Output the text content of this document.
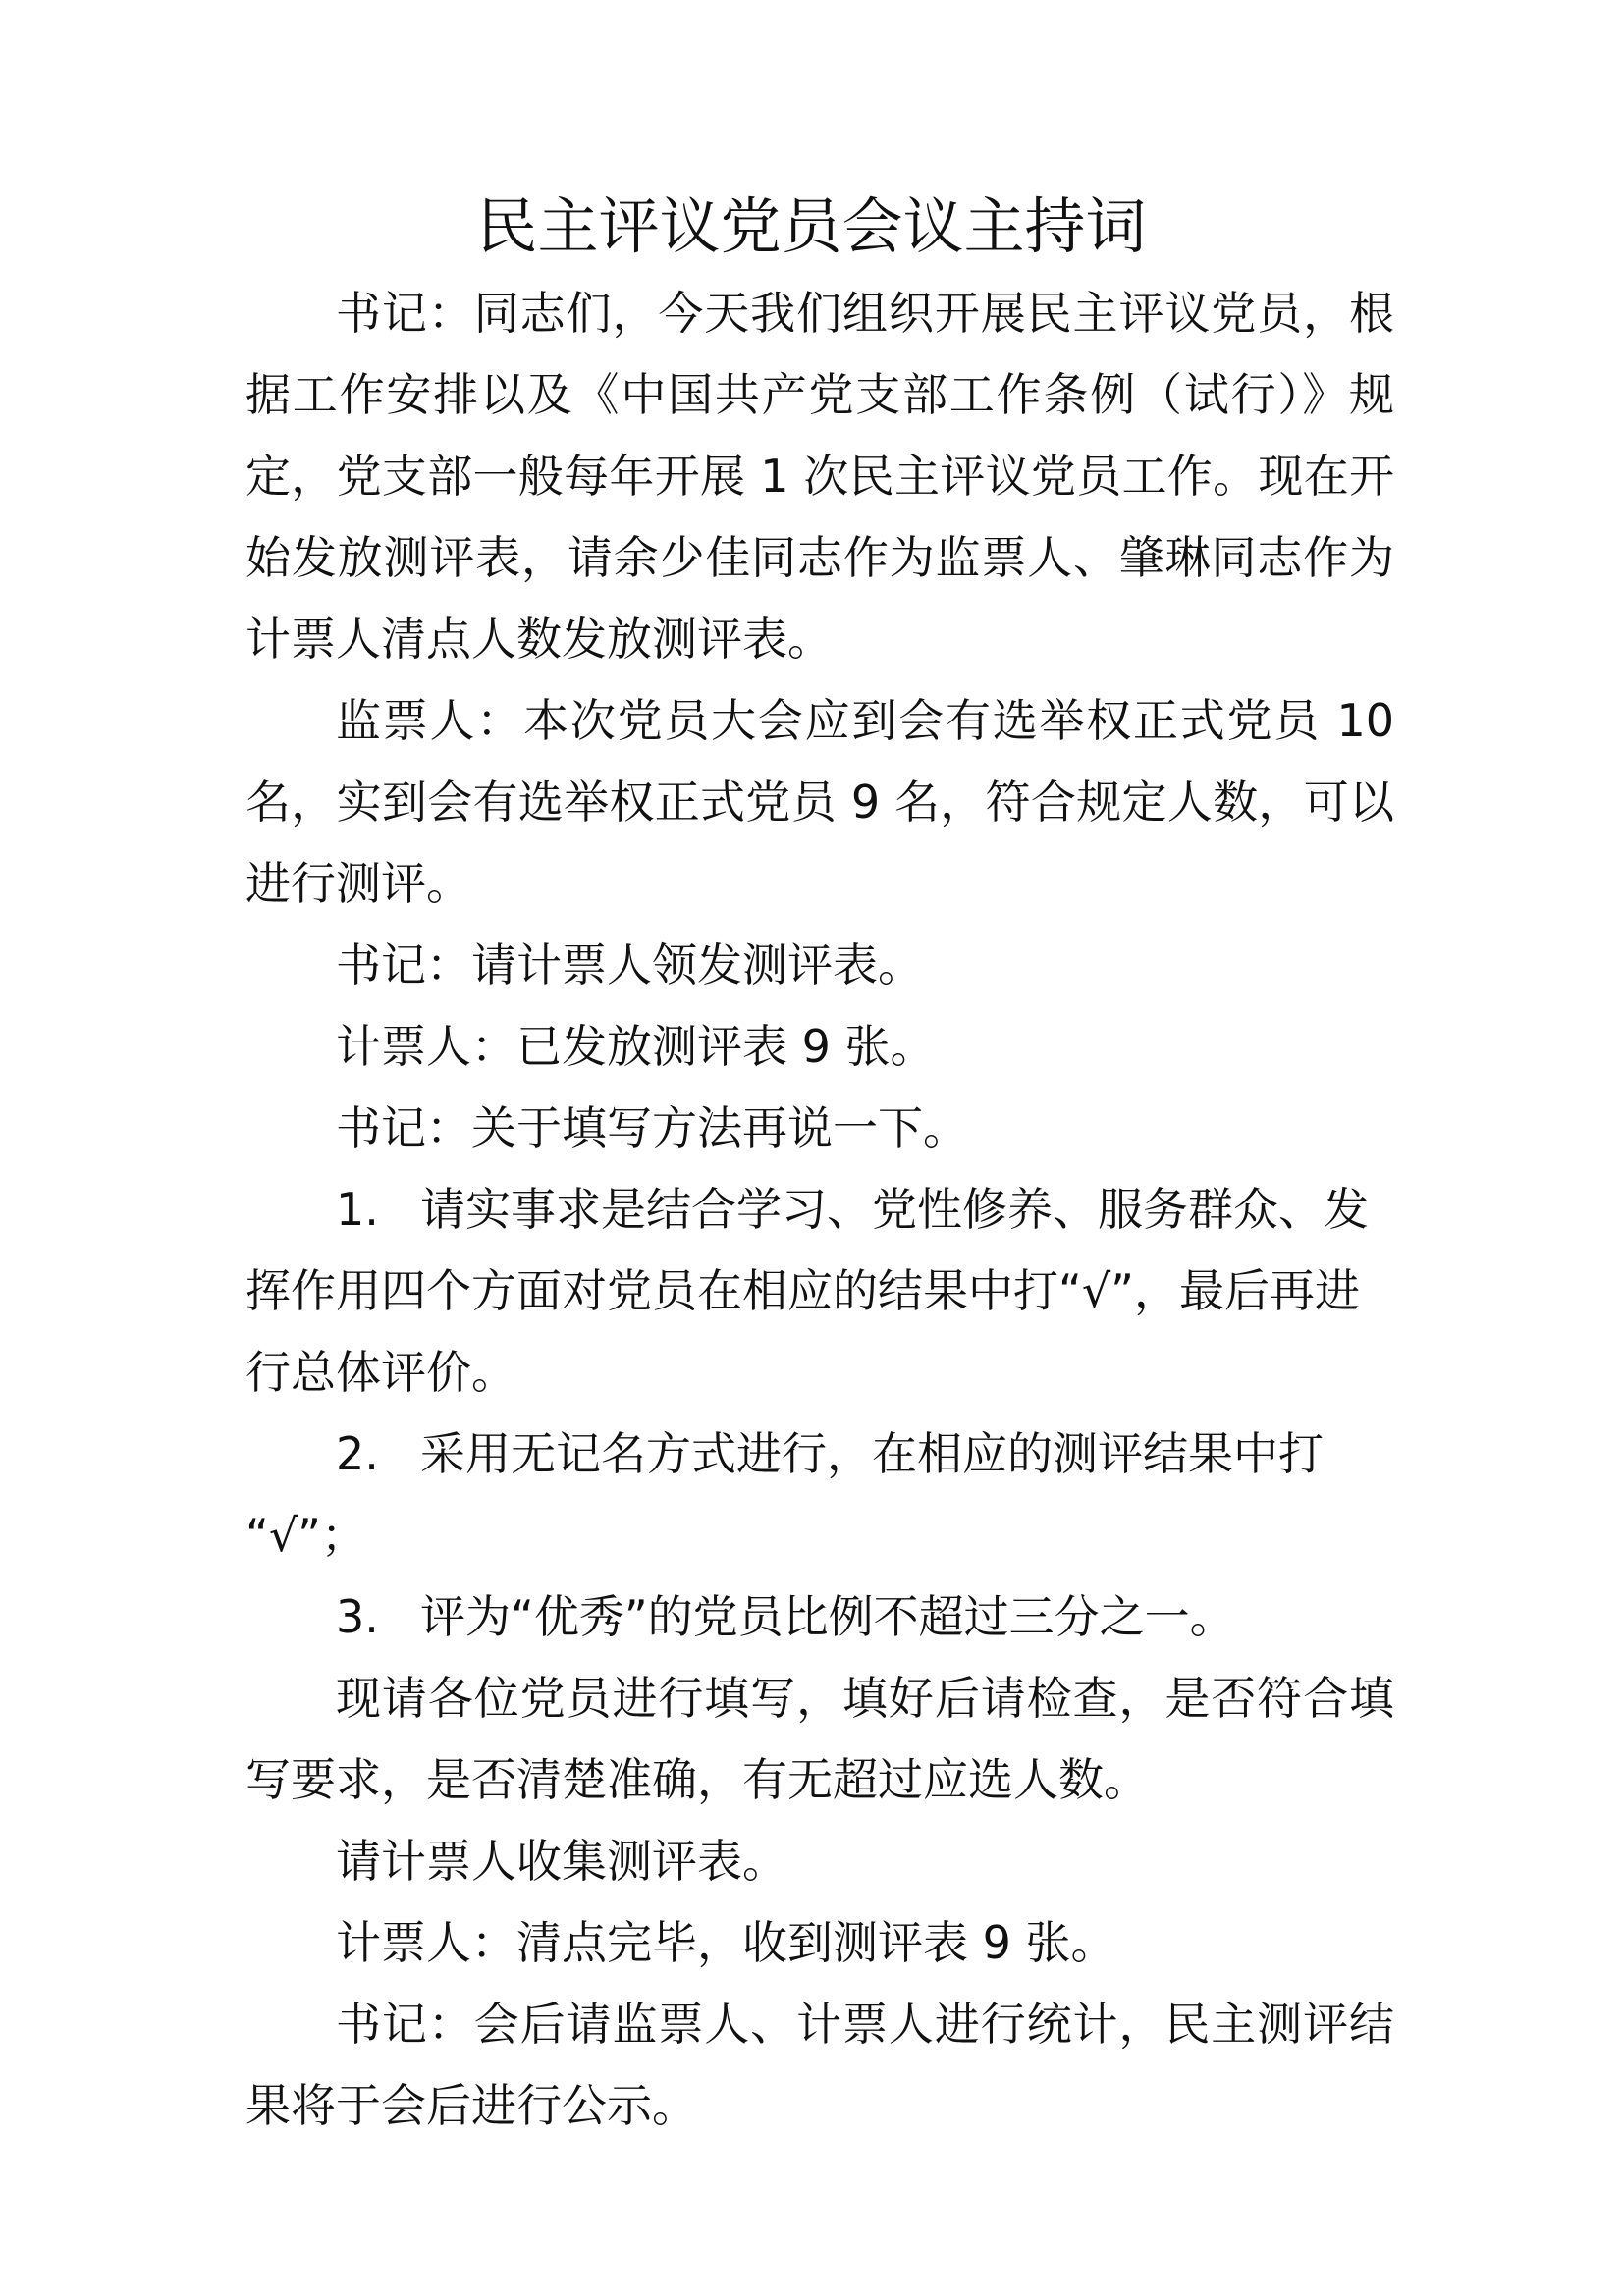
民主评议党员会议主持词

书记：同志们，今天我们组织开展民主评议党员，根据工作安排以及《中国共产党支部工作条例（试行）》规定，党支部一般每年开展 1 次民主评议党员工作。现在开始发放测评表，请余少佳同志作为监票人、肇琳同志作为计票人清点人数发放测评表。

监票人：本次党员大会应到会有选举权正式党员 10 名，实到会有选举权正式党员 9 名，符合规定人数，可以进行测评。

书记：请计票人领发测评表。

计票人：已发放测评表 9 张。

书记：关于填写方法再说一下。

1. 请实事求是结合学习、党性修养、服务群众、发挥作用四个方面对党员在相应的结果中打“√”，最后再进行总体评价。

2. 采用无记名方式进行，在相应的测评结果中打 “√”；

3. 评为“优秀”的党员比例不超过三分之一。

现请各位党员进行填写，填好后请检查，是否符合填写要求，是否清楚准确，有无超过应选人数。

请计票人收集测评表。

计票人：清点完毕，收到测评表 9 张。

书记：会后请监票人、计票人进行统计，民主测评结果将于会后进行公示。
